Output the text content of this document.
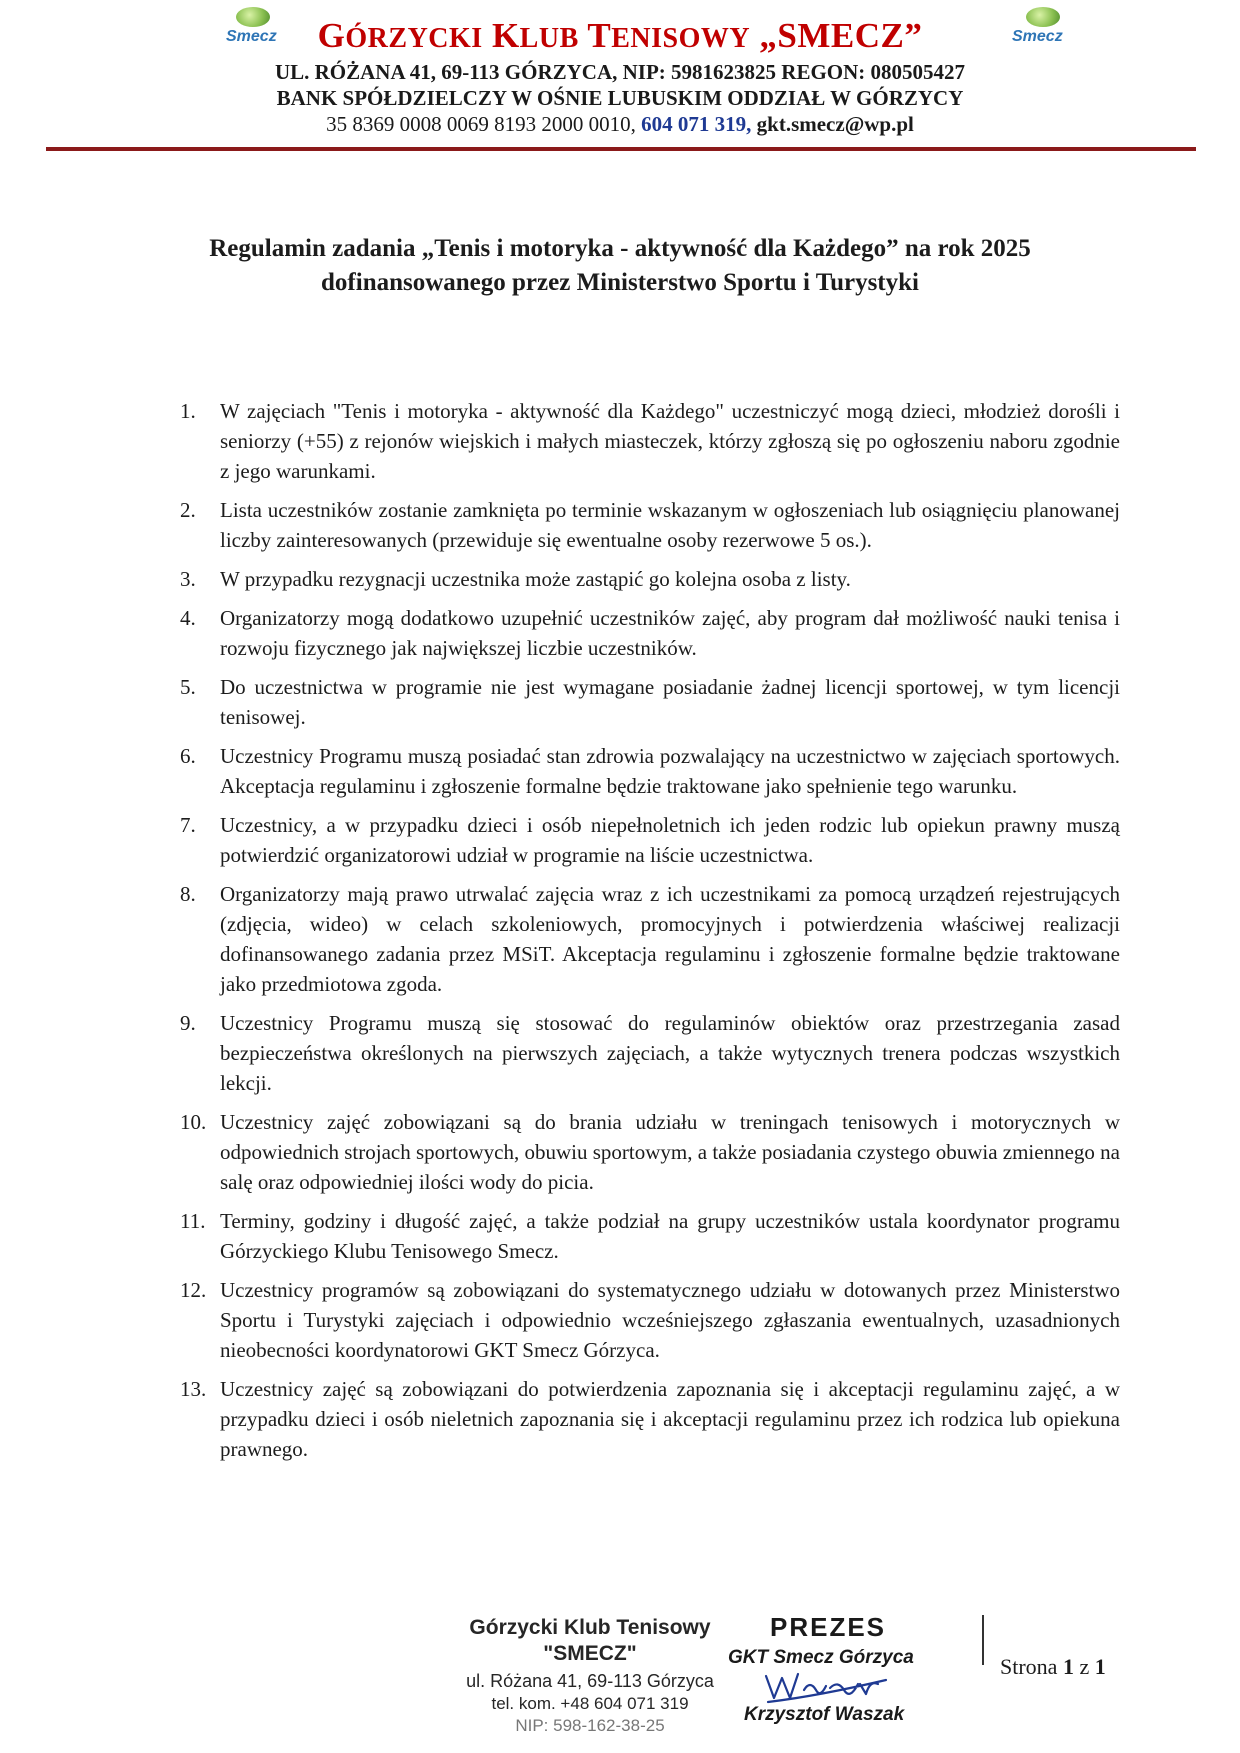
Smecz	GÓRZYCKI KLUB TENISOWY „SMECZ”	Smecz
UL. RÓŻANA 41, 69-113 GÓRZYCA, NIP: 5981623825 REGON: 080505427
BANK SPÓŁDZIELCZY W OŚNIE LUBUSKIM ODDZIAŁ W GÓRZYCY
35 8369 0008 0069 8193 2000 0010, 604 071 319, gkt.smecz@wp.pl
Regulamin zadania „Tenis i motoryka - aktywność dla Każdego” na rok 2025 dofinansowanego przez Ministerstwo Sportu i Turystyki
1.	W zajęciach "Tenis i motoryka - aktywność dla Każdego" uczestniczyć mogą dzieci, młodzież dorośli i seniorzy (+55) z rejonów wiejskich i małych miasteczek, którzy zgłoszą się po ogłoszeniu naboru zgodnie z jego warunkami.
2.	Lista uczestników zostanie zamknięta po terminie wskazanym w ogłoszeniach lub osiągnięciu planowanej liczby zainteresowanych (przewiduje się ewentualne osoby rezerwowe 5 os.).
3.	W przypadku rezygnacji uczestnika może zastąpić go kolejna osoba z listy.
4.	Organizatorzy mogą dodatkowo uzupełnić uczestników zajęć, aby program dał możliwość nauki tenisa i rozwoju fizycznego jak największej liczbie uczestników.
5.	Do uczestnictwa w programie nie jest wymagane posiadanie żadnej licencji sportowej, w tym licencji tenisowej.
6.	Uczestnicy Programu muszą posiadać stan zdrowia pozwalający na uczestnictwo w zajęciach sportowych. Akceptacja regulaminu i zgłoszenie formalne będzie traktowane jako spełnienie tego warunku.
7.	Uczestnicy, a w przypadku dzieci i osób niepełnoletnich ich jeden rodzic lub opiekun prawny muszą potwierdzić organizatorowi udział w programie na liście uczestnictwa.
8.	Organizatorzy mają prawo utrwalać zajęcia wraz z ich uczestnikami za pomocą urządzeń rejestrujących (zdjęcia, wideo) w celach szkoleniowych, promocyjnych i potwierdzenia właściwej realizacji dofinansowanego zadania przez MSiT. Akceptacja regulaminu i zgłoszenie formalne będzie traktowane jako przedmiotowa zgoda.
9.	Uczestnicy Programu muszą się stosować do regulaminów obiektów oraz przestrzegania zasad bezpieczeństwa określonych na pierwszych zajęciach, a także wytycznych trenera podczas wszystkich lekcji.
10. Uczestnicy zajęć zobowiązani są do brania udziału w treningach tenisowych i motorycznych w odpowiednich strojach sportowych, obuwiu sportowym, a także posiadania czystego obuwia zmiennego na salę oraz odpowiedniej ilości wody do picia.
11. Terminy, godziny i długość zajęć, a także podział na grupy uczestników ustala koordynator programu Górzyckiego Klubu Tenisowego Smecz.
12. Uczestnicy programów są zobowiązani do systematycznego udziału w dotowanych przez Ministerstwo Sportu i Turystyki zajęciach i odpowiednio wcześniejszego zgłaszania ewentualnych, uzasadnionych nieobecności koordynatorowi GKT Smecz Górzyca.
13. Uczestnicy zajęć są zobowiązani do potwierdzenia zapoznania się i akceptacji regulaminu zajęć, a w przypadku dzieci i osób nieletnich zapoznania się i akceptacji regulaminu przez ich rodzica lub opiekuna prawnego.
Górzycki Klub Tenisowy
"SMECZ"
ul. Różana 41, 69-113 Górzyca
tel. kom. +48 604 071 319
NIP: 598-162-38-25
PREZES
GKT Smecz Górzyca
Krzysztof Waszak
Strona 1 z 1
